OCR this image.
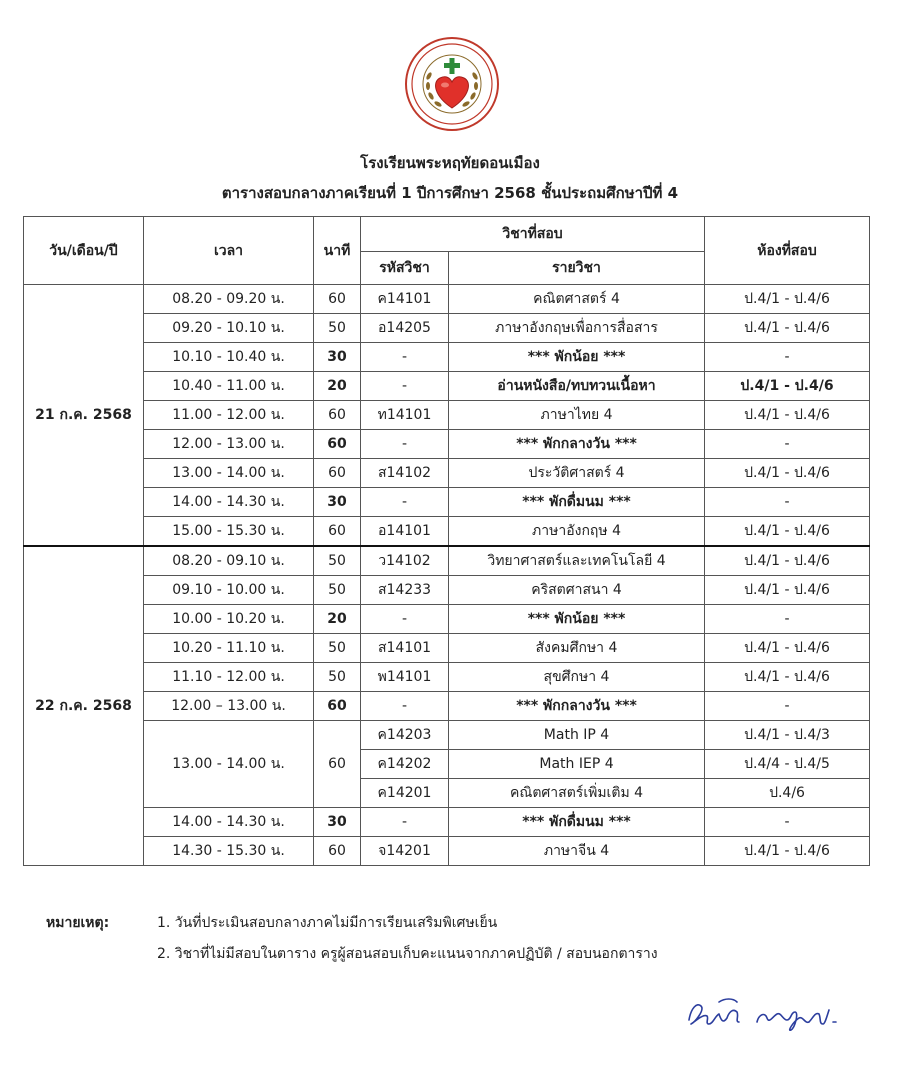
โรงเรียนพระหฤทัยดอนเมือง
ตารางสอบกลางภาคเรียนที่ 1 ปีการศึกษา 2568 ชั้นประถมศึกษาปีที่ 4
วัน/เดือน/ปี	เวลา	นาที	วิชาที่สอบ		ห้องที่สอบ
			รหัสวิชา	รายวิชา	
21 ก.ค. 2568	08.20 - 09.20 น.	60	ค14101	คณิตศาสตร์ 4	ป.4/1 - ป.4/6
	09.20 - 10.10 น.	50	อ14205	ภาษาอังกฤษเพื่อการสื่อสาร	ป.4/1 - ป.4/6
	10.10 - 10.40 น.	30	-	*** พักน้อย ***	-
	10.40 - 11.00 น.	20	-	อ่านหนังสือ/ทบทวนเนื้อหา	ป.4/1 - ป.4/6
	11.00 - 12.00 น.	60	ท14101	ภาษาไทย 4	ป.4/1 - ป.4/6
	12.00 - 13.00 น.	60	-	*** พักกลางวัน ***	-
	13.00 - 14.00 น.	60	ส14102	ประวัติศาสตร์ 4	ป.4/1 - ป.4/6
	14.00 - 14.30 น.	30	-	*** พักดื่มนม ***	-
	15.00 - 15.30 น.	60	อ14101	ภาษาอังกฤษ 4	ป.4/1 - ป.4/6
22 ก.ค. 2568	08.20 - 09.10 น.	50	ว14102	วิทยาศาสตร์และเทคโนโลยี 4	ป.4/1 - ป.4/6
	09.10 - 10.00 น.	50	ส14233	คริสตศาสนา 4	ป.4/1 - ป.4/6
	10.00 - 10.20 น.	20	-	*** พักน้อย ***	-
	10.20 - 11.10 น.	50	ส14101	สังคมศึกษา 4	ป.4/1 - ป.4/6
	11.10 - 12.00 น.	50	พ14101	สุขศึกษา 4	ป.4/1 - ป.4/6
	12.00 – 13.00 น.	60	-	*** พักกลางวัน ***	-
	13.00 - 14.00 น.	60	ค14203	Math IP 4	ป.4/1 - ป.4/3
			ค14202	Math IEP 4	ป.4/4 - ป.4/5
			ค14201	คณิตศาสตร์เพิ่มเติม 4	ป.4/6
	14.00 - 14.30 น.	30	-	*** พักดื่มนม ***	-
	14.30 - 15.30 น.	60	จ14201	ภาษาจีน 4	ป.4/1 - ป.4/6
หมายเหตุ:	1. วันที่ประเมินสอบกลางภาคไม่มีการเรียนเสริมพิเศษเย็น
2. วิชาที่ไม่มีสอบในตาราง ครูผู้สอนสอบเก็บคะแนนจากภาคปฏิบัติ / สอบนอกตาราง
